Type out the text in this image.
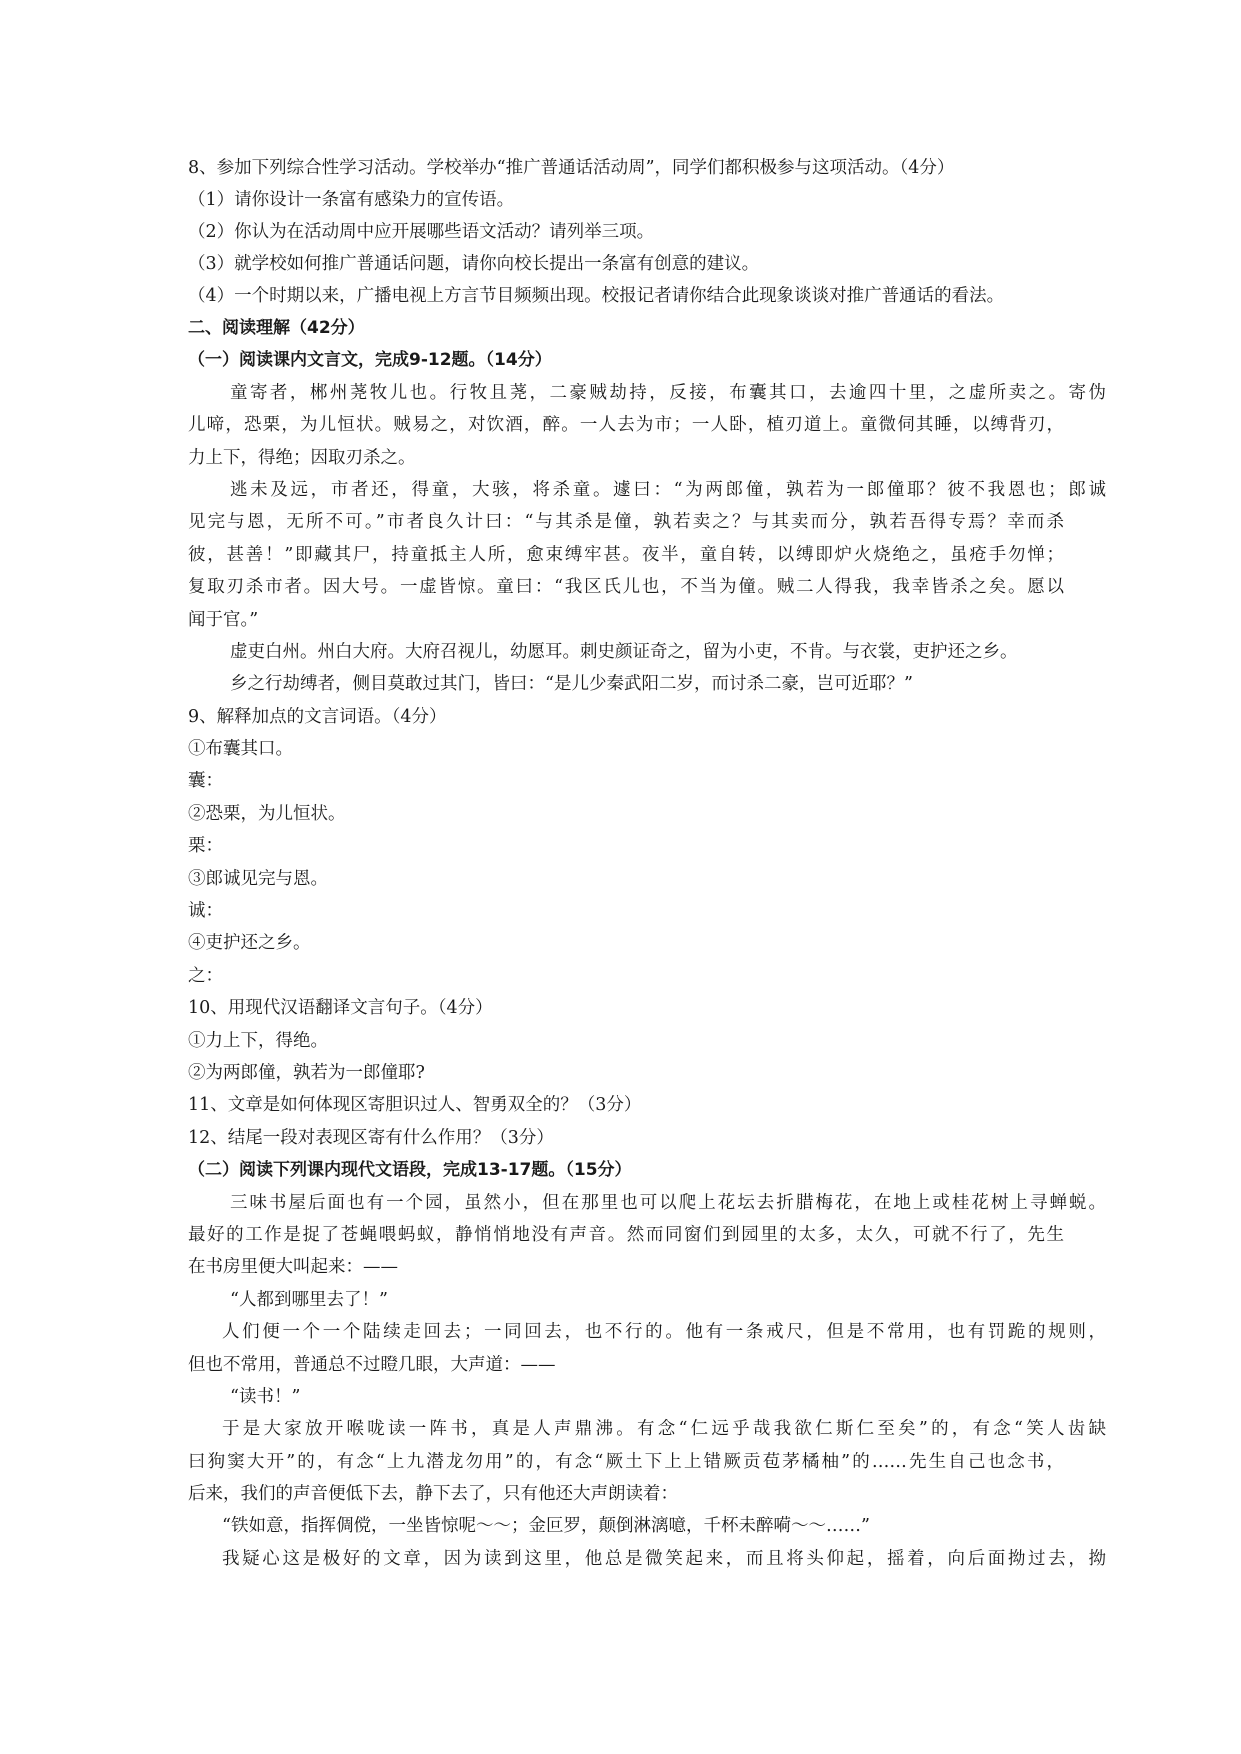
8、参加下列综合性学习活动。学校举办“推广普通话活动周”，同学们都积极参与这项活动。（4分）
（1）请你设计一条富有感染力的宣传语。
（2）你认为在活动周中应开展哪些语文活动？请列举三项。
（3）就学校如何推广普通话问题，请你向校长提出一条富有创意的建议。
（4）一个时期以来，广播电视上方言节目频频出现。校报记者请你结合此现象谈谈对推广普通话的看法。
二、阅读理解（42分）
（一）阅读课内文言文，完成9-12题。（14分）
童寄者，郴州荛牧儿也。行牧且荛，二豪贼劫持，反接，布囊其口，去逾四十里，之虚所卖之。寄伪
儿啼，恐栗，为儿恒状。贼易之，对饮酒，醉。一人去为市；一人卧，植刃道上。童微伺其睡，以缚背刃，
力上下，得绝；因取刃杀之。
逃未及远，市者还，得童，大骇，将杀童。遽曰：“为两郎僮，孰若为一郎僮耶？彼不我恩也；郎诚
见完与恩，无所不可。”市者良久计曰：“与其杀是僮，孰若卖之？与其卖而分，孰若吾得专焉？幸而杀
彼，甚善！”即藏其尸，持童抵主人所，愈束缚牢甚。夜半，童自转，以缚即炉火烧绝之，虽疮手勿惮；
复取刃杀市者。因大号。一虚皆惊。童曰：“我区氏儿也，不当为僮。贼二人得我，我幸皆杀之矣。愿以
闻于官。”
虚吏白州。州白大府。大府召视儿，幼愿耳。刺史颜证奇之，留为小吏，不肯。与衣裳，吏护还之乡。
乡之行劫缚者，侧目莫敢过其门，皆曰：“是儿少秦武阳二岁，而讨杀二豪，岂可近耶？”
9、解释加点的文言词语。（4分）
①布囊其口。
囊：
②恐栗，为儿恒状。
栗：
③郎诚见完与恩。
诚：
④吏护还之乡。
之：
10、用现代汉语翻译文言句子。（4分）
①力上下，得绝。
②为两郎僮，孰若为一郎僮耶?
11、文章是如何体现区寄胆识过人、智勇双全的？（3分）
12、结尾一段对表现区寄有什么作用？（3分）
（二）阅读下列课内现代文语段，完成13-17题。（15分）
三味书屋后面也有一个园，虽然小，但在那里也可以爬上花坛去折腊梅花，在地上或桂花树上寻蝉蜕。
最好的工作是捉了苍蝇喂蚂蚁，静悄悄地没有声音。然而同窗们到园里的太多，太久，可就不行了，先生
在书房里便大叫起来：——
“人都到哪里去了！”
人们便一个一个陆续走回去；一同回去，也不行的。他有一条戒尺，但是不常用，也有罚跪的规则，
但也不常用，普通总不过瞪几眼，大声道：——
“读书！”
于是大家放开喉咙读一阵书，真是人声鼎沸。有念“仁远乎哉我欲仁斯仁至矣”的，有念“笑人齿缺
曰狗窦大开”的，有念“上九潜龙勿用”的，有念“厥土下上上错厥贡苞茅橘柚”的……先生自己也念书，
后来，我们的声音便低下去，静下去了，只有他还大声朗读着：
“铁如意，指挥倜傥，一坐皆惊呢～～；金叵罗，颠倒淋漓噫，千杯未醉嗬～～……”
我疑心这是极好的文章，因为读到这里，他总是微笑起来，而且将头仰起，摇着，向后面拗过去，拗
